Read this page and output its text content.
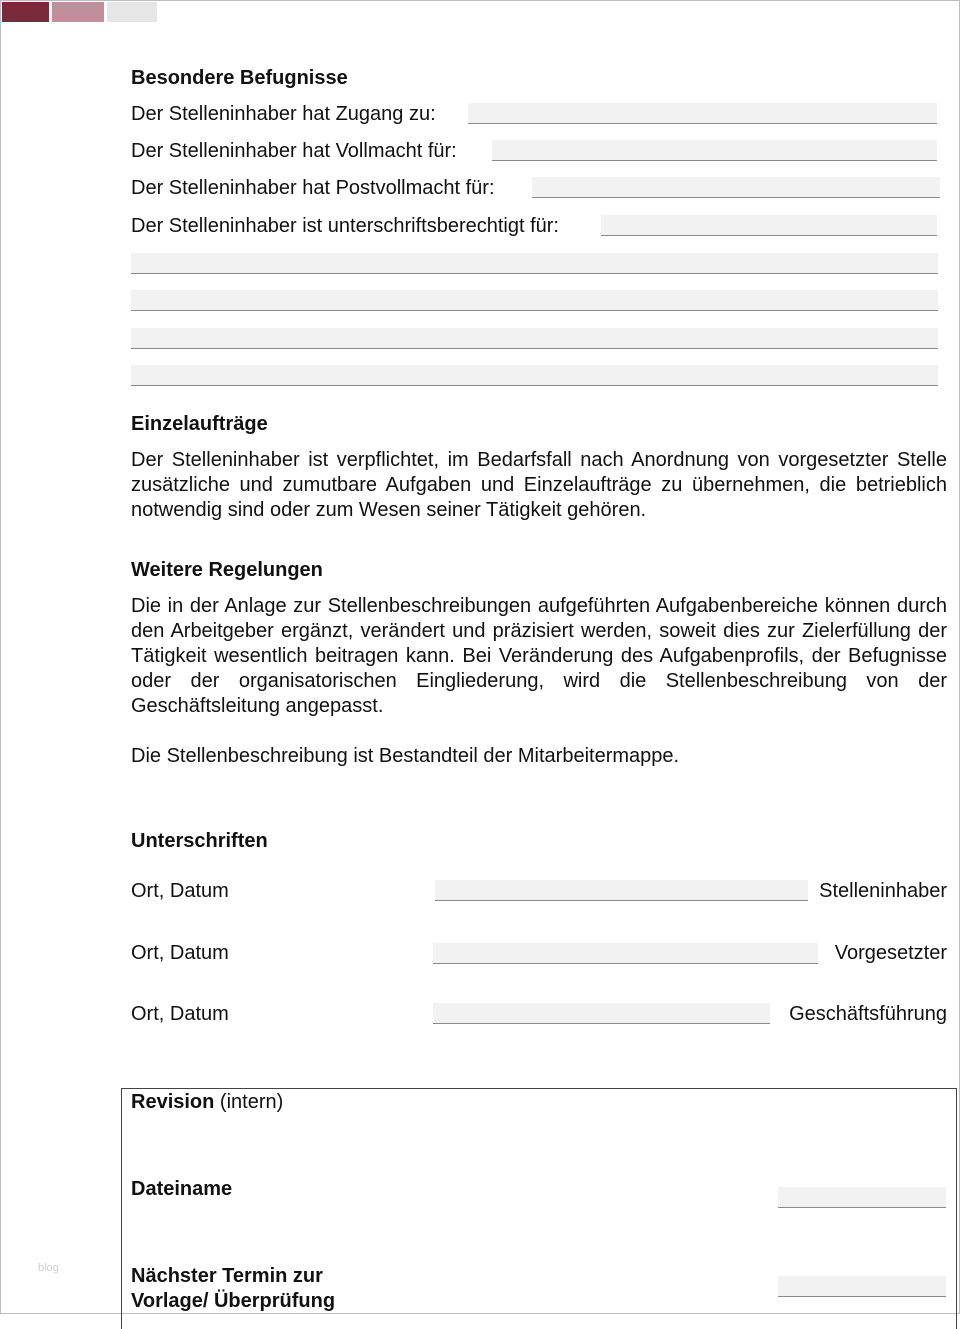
Besondere Befugnisse
Der Stelleninhaber hat Zugang zu:
Der Stelleninhaber hat Vollmacht für:
Der Stelleninhaber hat Postvollmacht für:
Der Stelleninhaber ist unterschriftsberechtigt für:
Einzelaufträge
Der Stelleninhaber ist verpflichtet, im Bedarfsfall nach Anordnung von vorgesetzter Stelle zusätzliche und zumutbare Aufgaben und Einzelaufträge zu übernehmen, die betrieblich notwendig sind oder zum Wesen seiner Tätigkeit gehören.
Weitere Regelungen
Die in der Anlage zur Stellenbeschreibungen aufgeführten Aufgabenbereiche können durch den Arbeitgeber ergänzt, verändert und präzisiert werden, soweit dies zur Zielerfüllung der Tätigkeit wesentlich beitragen kann. Bei Veränderung des Aufgabenprofils, der Befugnisse oder der organisatorischen Eingliederung, wird die Stellenbeschreibung von der Geschäftsleitung angepasst.
Die Stellenbeschreibung ist Bestandteil der Mitarbeitermappe.
Unterschriften
Ort, Datum	Stelleninhaber
Ort, Datum	Vorgesetzter
Ort, Datum	Geschäftsführung
Revision (intern)
Dateiname
Nächster Termin zur
Vorlage/ Überprüfung
blog
